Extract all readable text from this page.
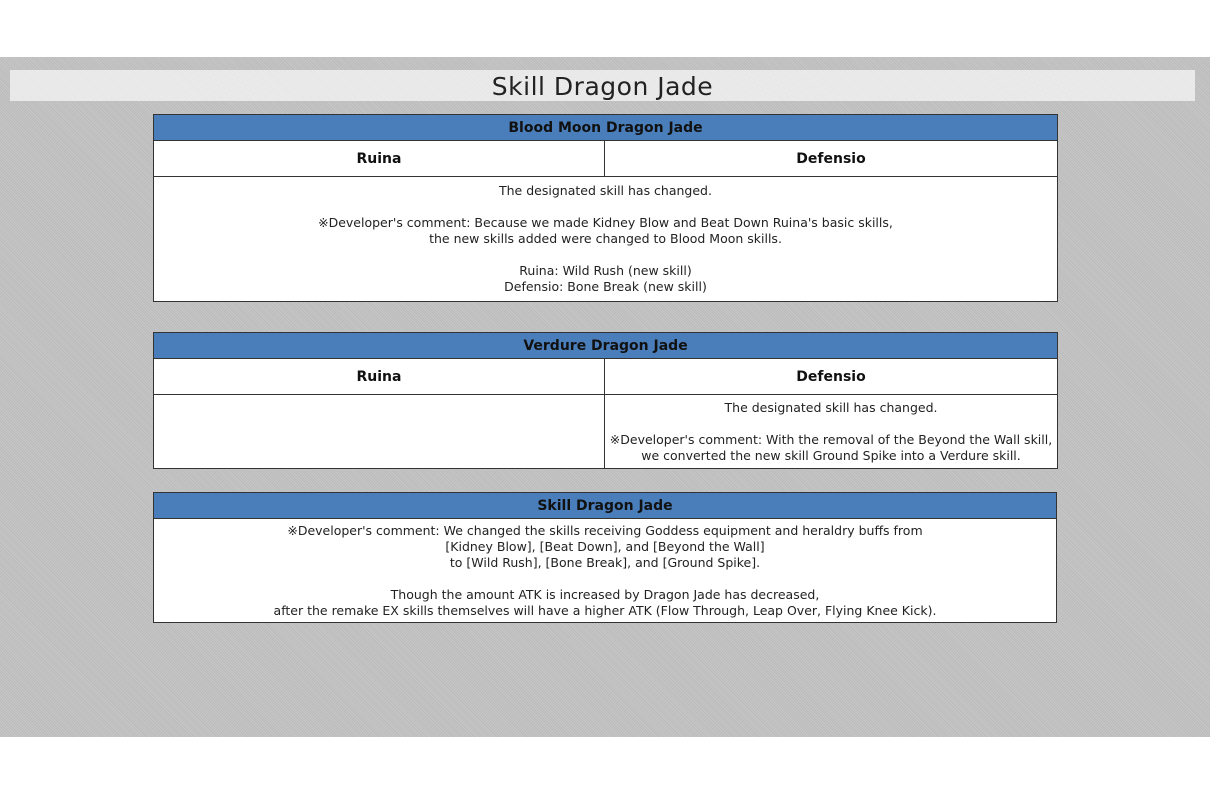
Skill Dragon Jade
Blood Moon Dragon Jade
Ruina	Defensio

The designated skill has changed.
※Developer's comment: Because we made Kidney Blow and Beat Down Ruina's basic skills,
the new skills added were changed to Blood Moon skills.
Ruina: Wild Rush (new skill)
Defensio: Bone Break (new skill)
Verdure Dragon Jade	
Ruina	Defensio

	The designated skill has changed.
※Developer's comment: With the removal of the Beyond the Wall skill,
we converted the new skill Ground Spike into a Verdure skill.
Skill Dragon Jade

※Developer's comment: We changed the skills receiving Goddess equipment and heraldry buffs from
[Kidney Blow], [Beat Down], and [Beyond the Wall]
to [Wild Rush], [Bone Break], and [Ground Spike].
Though the amount ATK is increased by Dragon Jade has decreased,
after the remake EX skills themselves will have a higher ATK (Flow Through, Leap Over, Flying Knee Kick).
